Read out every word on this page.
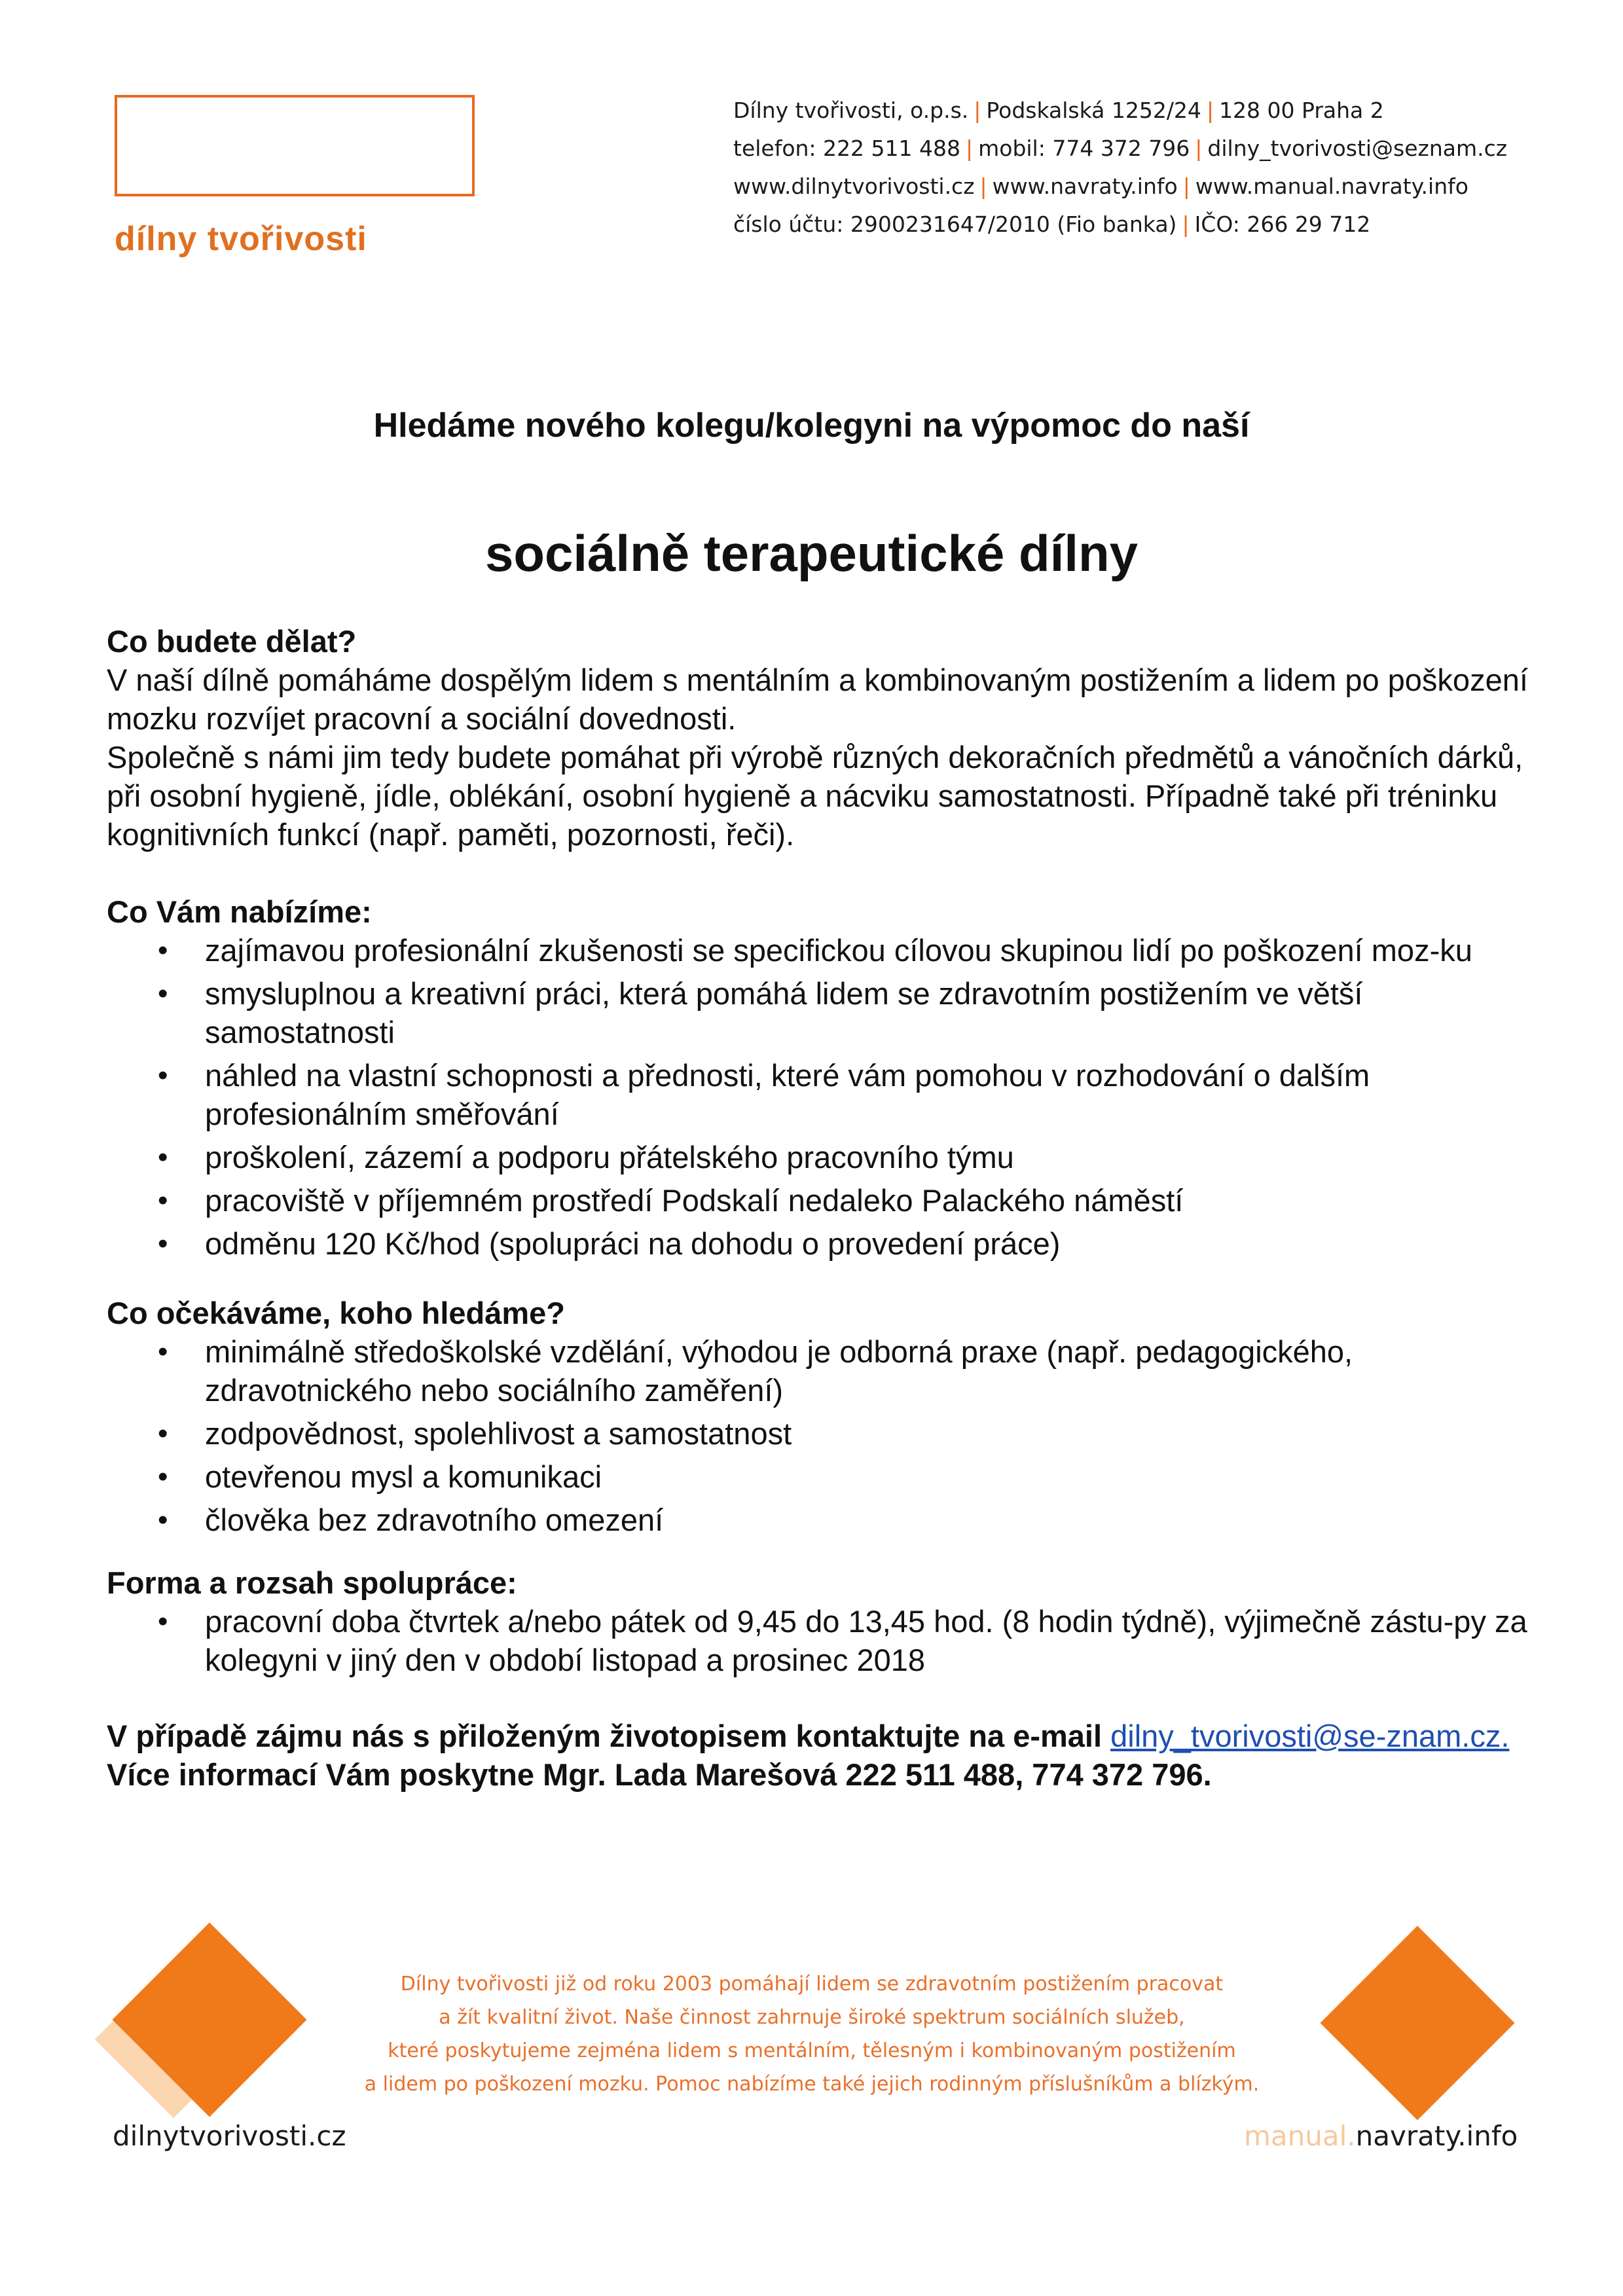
dílny tvořivosti
Dílny tvořivosti, o.p.s. | Podskalská 1252/24 | 128 00 Praha 2
telefon: 222 511 488 | mobil: 774 372 796 | dilny_tvorivosti@seznam.cz
www.dilnytvorivosti.cz | www.navraty.info | www.manual.navraty.info
číslo účtu: 2900231647/2010 (Fio banka) | IČO: 266 29 712
Hledáme nového kolegu/kolegyni na výpomoc do naší
sociálně terapeutické dílny

Co budete dělat?

V naší dílně pomáháme dospělým lidem s mentálním a kombinovaným postižením a lidem po poškození mozku rozvíjet pracovní a sociální dovednosti.

Společně s námi jim tedy budete pomáhat při výrobě různých dekoračních předmětů a vánočních dárků, při osobní hygieně, jídle, oblékání, osobní hygieně a nácviku samostatnosti. Případně také při tréninku kognitivních funkcí (např. paměti, pozornosti, řeči).

Co Vám nabízíme:

• zajímavou profesionální zkušenosti se specifickou cílovou skupinou lidí po poškození moz-ku
• smysluplnou a kreativní práci, která pomáhá lidem se zdravotním postižením ve větší samostatnosti
• náhled na vlastní schopnosti a přednosti, které vám pomohou v rozhodování o dalším profesionálním směřování
• proškolení, zázemí a podporu přátelského pracovního týmu
• pracoviště v příjemném prostředí Podskalí nedaleko Palackého náměstí
• odměnu 120 Kč/hod (spolupráci na dohodu o provedení práce)

Co očekáváme, koho hledáme?

• minimálně středoškolské vzdělání, výhodou je odborná praxe (např. pedagogického, zdravotnického nebo sociálního zaměření)
• zodpovědnost, spolehlivost a samostatnost
• otevřenou mysl a komunikaci
• člověka bez zdravotního omezení

Forma a rozsah spolupráce:

• pracovní doba čtvrtek a/nebo pátek od 9,45 do 13,45 hod. (8 hodin týdně), výjimečně zástu-py za kolegyni v jiný den v období listopad a prosinec 2018

V případě zájmu nás s přiloženým životopisem kontaktujte na e-mail dilny_tvorivosti@se-znam.cz. Více informací Vám poskytne Mgr. Lada Marešová 222 511 488, 774 372 796.

Dílny tvořivosti již od roku 2003 pomáhají lidem se zdravotním postižením pracovat
a žít kvalitní život. Naše činnost zahrnuje široké spektrum sociálních služeb,
které poskytujeme zejména lidem s mentálním, tělesným i kombinovaným postižením
a lidem po poškození mozku. Pomoc nabízíme také jejich rodinným příslušníkům a blízkým.
dilnytvorivosti.cz	manual.navraty.info
